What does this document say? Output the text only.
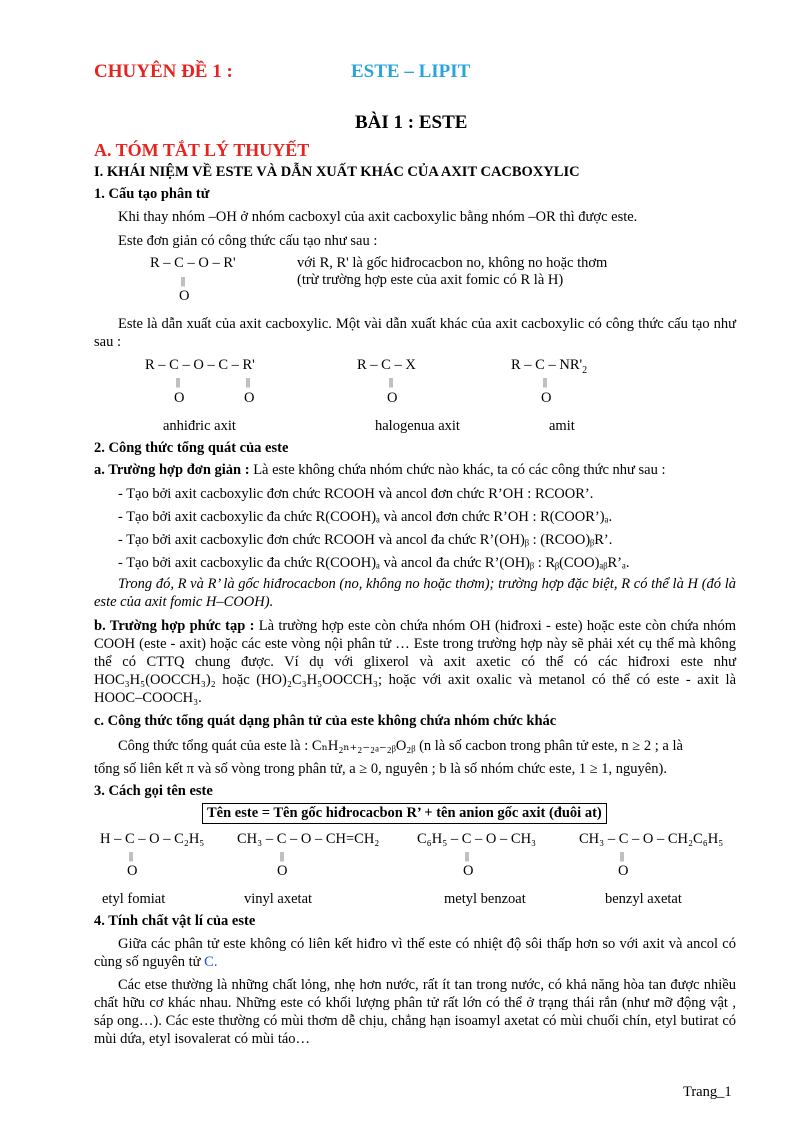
CHUYÊN ĐỀ 1 :	ESTE – LIPIT
BÀI 1 : ESTE
A. TÓM TẮT LÝ THUYẾT
I. KHÁI NIỆM VỀ ESTE VÀ DẪN XUẤT KHÁC CỦA AXIT CACBOXYLIC
1. Cấu tạo phân tử
Khi thay nhóm –OH ở nhóm cacboxyl của axit cacboxylic bằng nhóm –OR thì được este.
Este đơn giản có công thức cấu tạo như sau :
R – C – O – R'
||
O
với R, R' là gốc hiđrocacbon no, không no hoặc thơm
(trừ trường hợp este của axit fomic có R là H)
Este là dẫn xuất của axit cacboxylic. Một vài dẫn xuất khác của axit cacboxylic có công thức cấu tạo như sau :
R – C – O – C – R'
||	||
O	O
R – C – X
||
O
R – C – $NR'_2$
||
O
anhiđric axit	halogenua axit	amit
2. Công thức tổng quát của este
a. Trường hợp đơn giản : Là este không chứa nhóm chức nào khác, ta có các công thức như sau :
- Tạo bởi axit cacboxylic đơn chức RCOOH và ancol đơn chức R’OH : RCOOR’.
- Tạo bởi axit cacboxylic đa chức R(COOH)ₐ và ancol đơn chức R’OH : R(COOR’)ₐ.
- Tạo bởi axit cacboxylic đơn chức RCOOH và ancol đa chức R’(OH)ᵦ : (RCOO)ᵦR’.
- Tạo bởi axit cacboxylic đa chức R(COOH)ₐ và ancol đa chức R’(OH)ᵦ : Rᵦ(COO)ₐᵦR’ₐ.
Trong đó, R và R’ là gốc hiđrocacbon (no, không no hoặc thơm); trường hợp đặc biệt, R có thể là H (đó là este của axit fomic H–COOH).
b. Trường hợp phức tạp : Là trường hợp este còn chứa nhóm OH (hiđroxi - este) hoặc este còn chứa nhóm COOH (este - axit) hoặc các este vòng nội phân tử … Este trong trường hợp này sẽ phải xét cụ thể mà không thể có CTTQ chung được. Ví dụ với glixerol và axit axetic có thể có các hiđroxi este như HOC₃H₅(OOCCH₃)₂ hoặc (HO)₂C₃H₅OOCCH₃; hoặc với axit oxalic và metanol có thể có este - axit là HOOC–COOCH₃.
c. Công thức tổng quát dạng phân tử của este không chứa nhóm chức khác
Công thức tổng quát của este là : CₙH₂ₙ₊₂₋₂ₐ₋₂ᵦO₂ᵦ (n là số cacbon trong phân tử este, n ≥ 2 ; a là
tổng số liên kết π và số vòng trong phân tử, a ≥ 0, nguyên ; b là số nhóm chức este, 1 ≥ 1, nguyên).
3. Cách gọi tên este
Tên este = Tên gốc hiđrocacbon R’ + tên anion gốc axit (đuôi at)
H – C – O – C₂H₅
||
O
CH₃ – C – O – CH=CH₂
||
O
C₆H₅ – C – O – CH₃
||
O
CH₃ – C – O – CH₂C₆H₅
||
O
etyl fomiat	vinyl axetat	metyl benzoat	benzyl axetat
4. Tính chất vật lí của este
Giữa các phân tử este không có liên kết hiđro vì thế este có nhiệt độ sôi thấp hơn so với axit và ancol có cùng số nguyên tử C.
Các etse thường là những chất lỏng, nhẹ hơn nước, rất ít tan trong nước, có khả năng hòa tan được nhiều chất hữu cơ khác nhau. Những este có khối lượng phân tử rất lớn có thể ở trạng thái rắn (như mỡ động vật , sáp ong…). Các este thường có mùi thơm dễ chịu, chẳng hạn isoamyl axetat có mùi chuối chín, etyl butirat có mùi dứa, etyl isovalerat có mùi táo…
Trang_1
